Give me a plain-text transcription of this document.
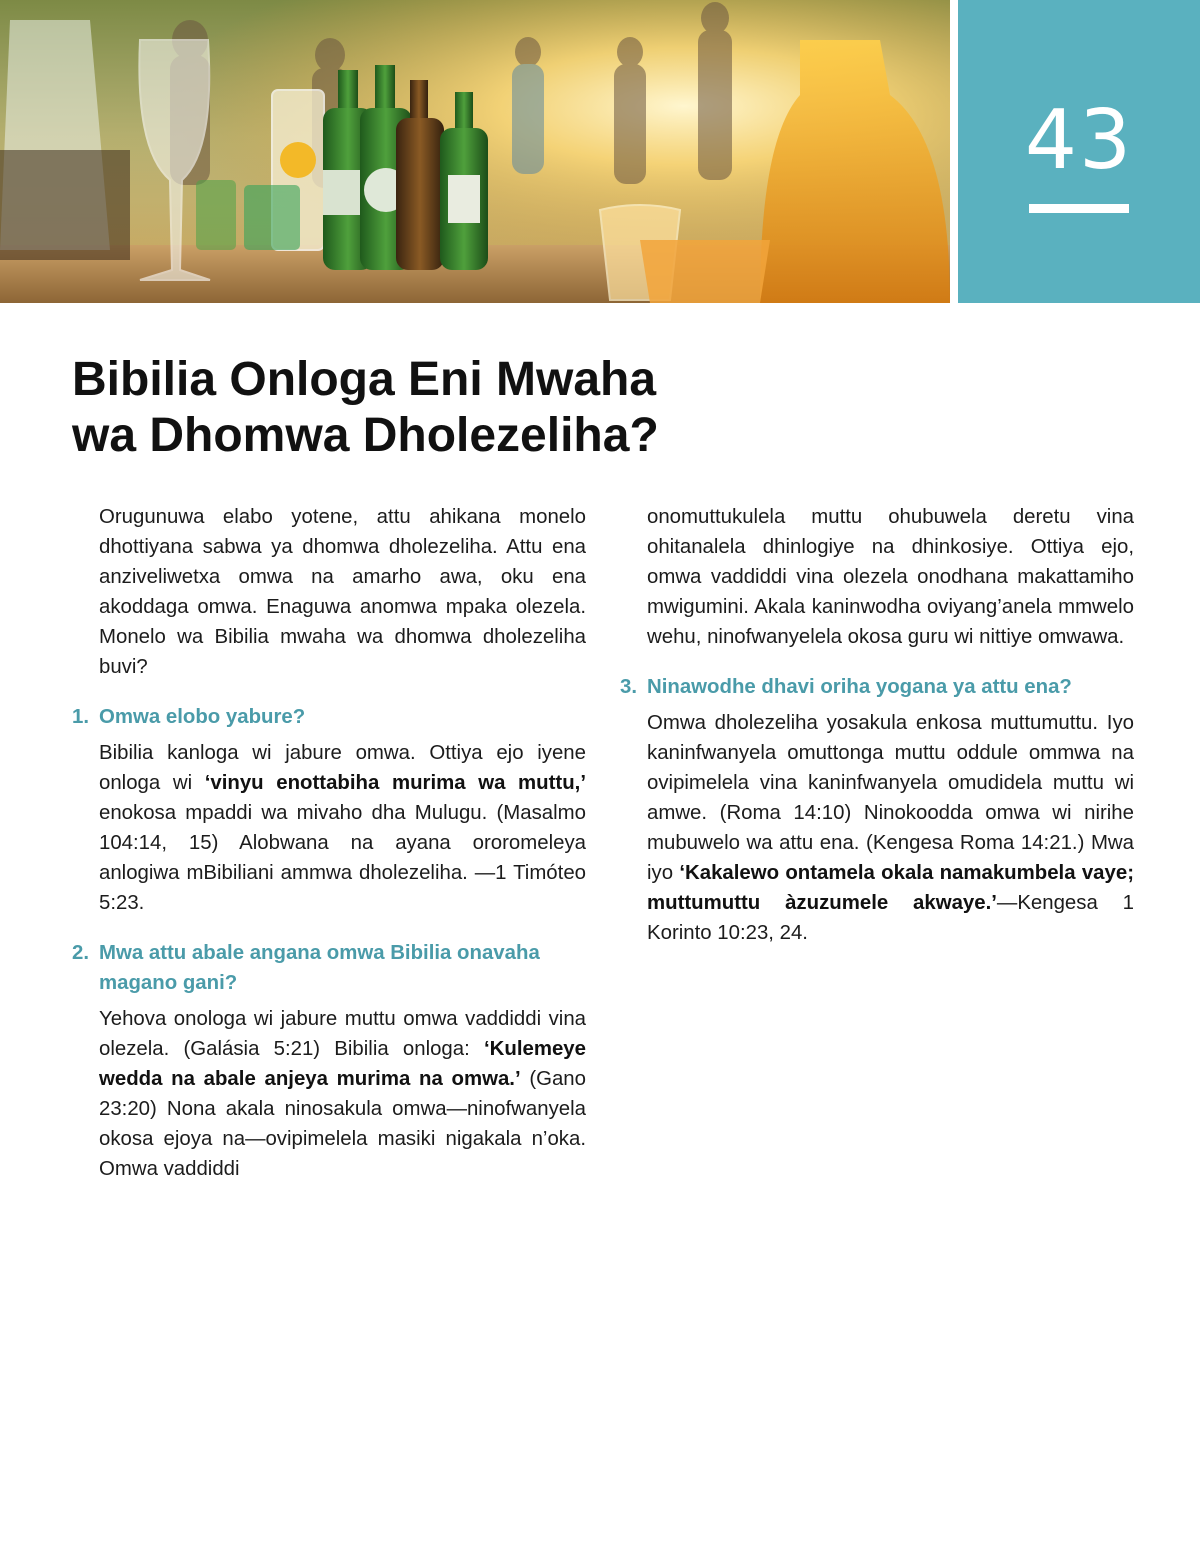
43
Bibilia Onloga Eni Mwaha
wa Dhomwa Dholezeliha?

Orugunuwa elabo yotene, attu ahikana monelo dhottiyana sabwa ya dhomwa dholezeliha. Attu ena anziveliwetxa omwa na amarho awa, oku ena akoddaga omwa. Enaguwa anomwa mpaka olezela. Monelo wa Bibilia mwaha wa dhomwa dholezeliha buvi?

1. Omwa elobo yabure?

Bibilia kanloga wi jabure omwa. Ottiya ejo iyene onloga wi ‘vinyu enottabiha murima wa muttu,’ enokosa mpaddi wa mivaho dha Mulugu. (Masalmo 104:14, 15) Alobwana na ayana ororomeleya anlogiwa mBibiliani ammwa dholezeliha. —1 Timóteo 5:23.

2. Mwa attu abale angana omwa Bibilia onavaha magano gani?

Yehova onologa wi jabure muttu omwa vaddiddi vina olezela. (Galásia 5:21) Bibilia onloga: ‘Kulemeye wedda na abale anjeya murima na omwa.’ (Gano 23:20) Nona akala ninosakula omwa—ninofwanyela okosa ejoya na—ovipimelela masiki nigakala n’oka. Omwa vaddiddi

onomuttukulela muttu ohubuwela deretu vina ohitanalela dhinlogiye na dhinkosiye. Ottiya ejo, omwa vaddiddi vina olezela onodhana makattamiho mwigumini. Akala kaninwodha oviyang’anela mmwelo wehu, ninofwanyelela okosa guru wi nittiye omwawa.

3. Ninawodhe dhavi oriha yogana ya attu ena?

Omwa dholezeliha yosakula enkosa muttumuttu. Iyo kaninfwanyela omuttonga muttu oddule ommwa na ovipimelela vina kaninfwanyela omudidela muttu wi amwe. (Roma 14:10) Ninokoodda omwa wi nirihe mubuwelo wa attu ena. (Kengesa Roma 14:21.) Mwa iyo ‘Kakalewo ontamela okala namakumbela vaye; muttumuttu àzuzumele akwaye.’—Kengesa 1 Korinto 10:23, 24.
